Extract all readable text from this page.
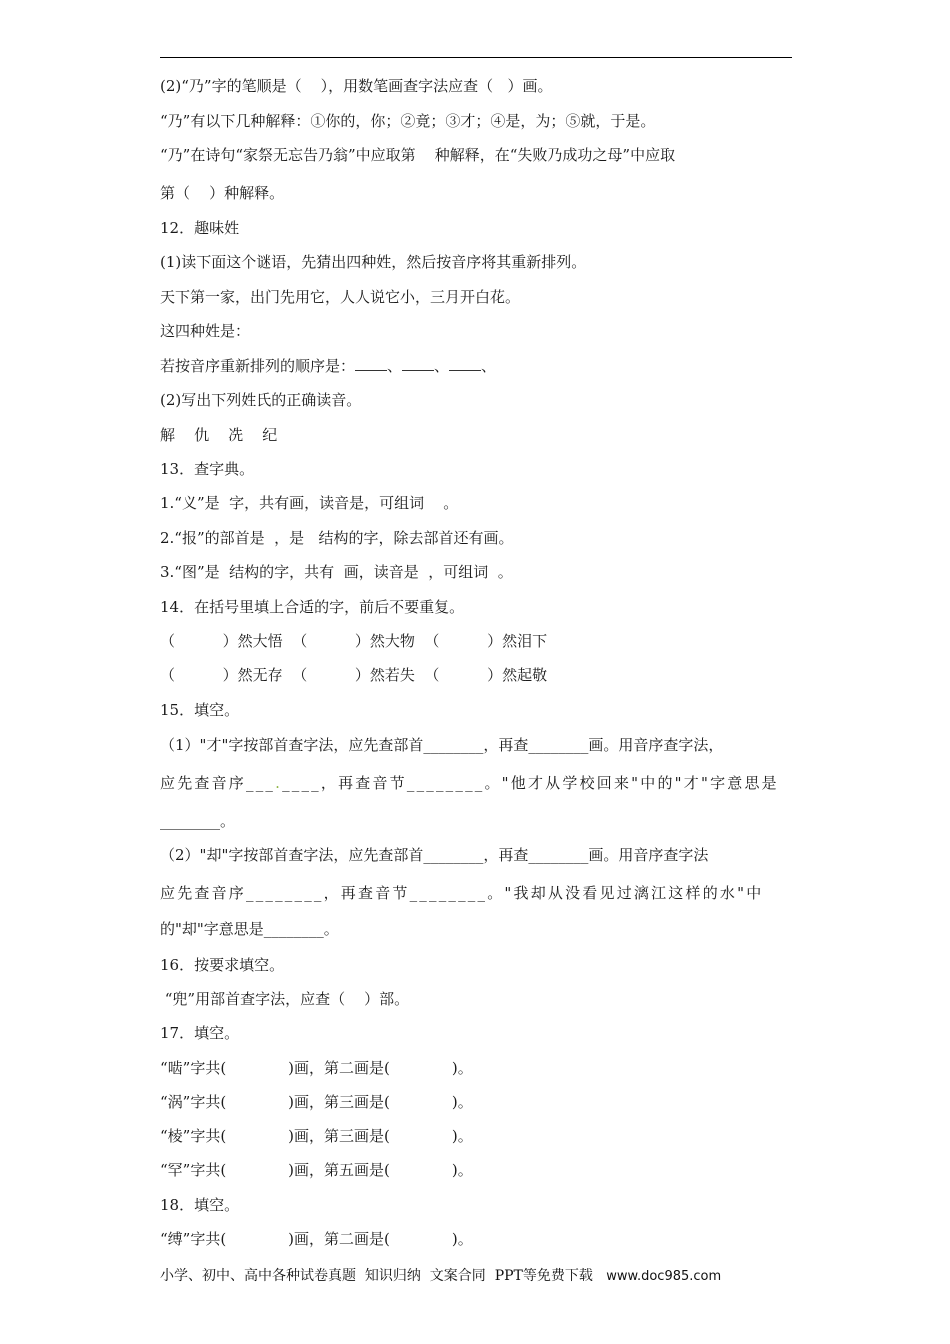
(2)“乃”字的笔顺是（    ），用数笔画查字法应查（   ）画。
“乃”有以下几种解释：①你的，你；②竟；③才；④是，为；⑤就，于是。
“乃”在诗句“家祭无忘告乃翁”中应取第    种解释，在“失败乃成功之母”中应取
第（    ）种解释。
12．趣味姓
(1)读下面这个谜语，先猜出四种姓，然后按音序将其重新排列。
天下第一家，出门先用它，人人说它小，三月开白花。
这四种姓是：
若按音序重新排列的顺序是： 、 、 、
(2)写出下列姓氏的正确读音。
解    仇    冼    纪
13．查字典。
1.“义”是  字，共有画，读音是，可组词    。
2.“报”的部首是  ，是   结构的字，除去部首还有画。
3.“图”是  结构的字，共有  画，读音是  ，可组词  。
14．在括号里填上合适的字，前后不要重复。
（          ）然大悟  （          ）然大物  （          ）然泪下
（          ）然无存  （          ）然若失  （          ）然起敬
15．填空。
（1）"才"字按部首查字法，应先查部首________，再查________画。用音序查字法，
应先查音序___.____，再查音节________。"他才从学校回来"中的"才"字意思是
________。
（2）"却"字按部首查字法，应先查部首________，再查________画。用音序查字法
应先查音序________，再查音节________。"我却从没看见过漓江这样的水"中
的"却"字意思是________。
16．按要求填空。
“兜”用部首查字法，应查（    ）部。
17．填空。
“啮”字共(             )画，第二画是(             )。
“涡”字共(             )画，第三画是(             )。
“棱”字共(             )画，第三画是(             )。
“罕”字共(             )画，第五画是(             )。
18．填空。
“缚”字共(             )画，第二画是(             )。
小学、初中、高中各种试卷真题  知识归纳  文案合同  PPT等免费下载 www.doc985.com
